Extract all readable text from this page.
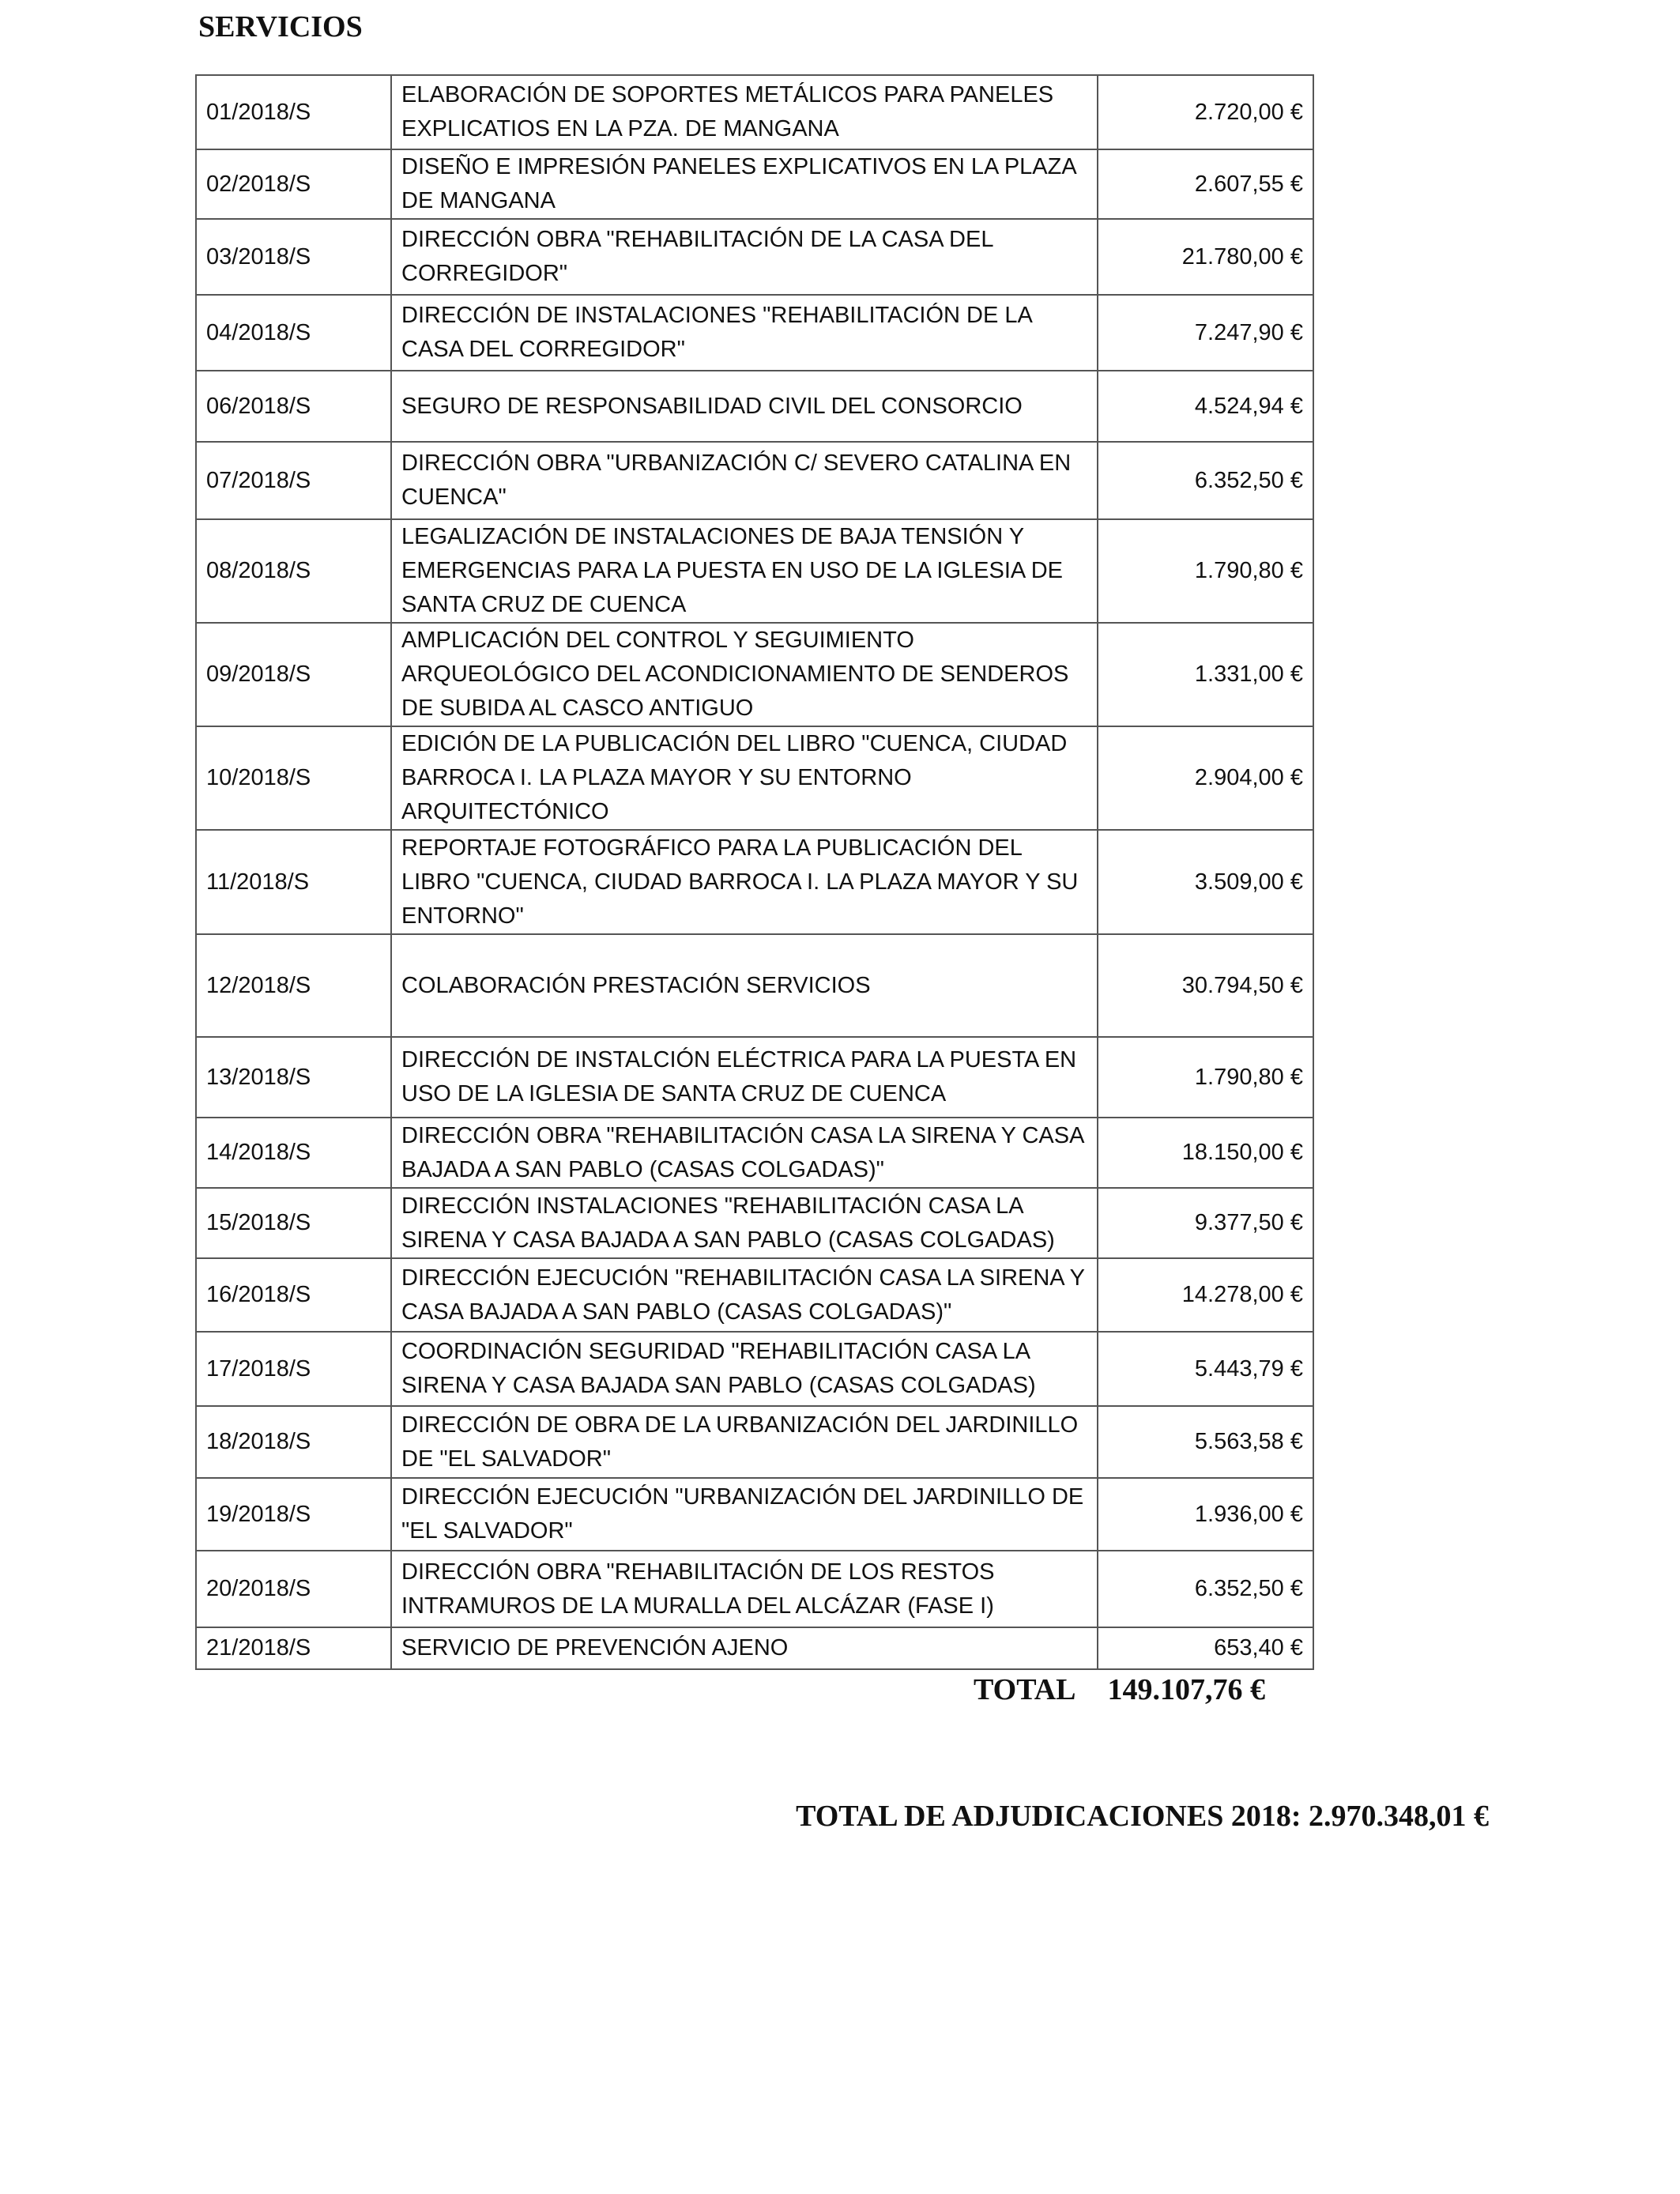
SERVICIOS
01/2018/S	ELABORACIÓN DE SOPORTES METÁLICOS PARA PANELES EXPLICATIOS EN LA PZA. DE MANGANA	2.720,00 €
02/2018/S	DISEÑO E IMPRESIÓN PANELES EXPLICATIVOS EN LA PLAZA DE MANGANA	2.607,55 €
03/2018/S	DIRECCIÓN OBRA "REHABILITACIÓN DE LA CASA DEL CORREGIDOR"	21.780,00 €
04/2018/S	DIRECCIÓN DE INSTALACIONES "REHABILITACIÓN DE LA CASA DEL CORREGIDOR"	7.247,90 €
06/2018/S	SEGURO DE RESPONSABILIDAD CIVIL DEL CONSORCIO	4.524,94 €
07/2018/S	DIRECCIÓN OBRA "URBANIZACIÓN C/ SEVERO CATALINA EN CUENCA"	6.352,50 €
08/2018/S	LEGALIZACIÓN DE INSTALACIONES DE BAJA TENSIÓN Y EMERGENCIAS PARA LA PUESTA EN USO DE LA IGLESIA DE SANTA CRUZ DE CUENCA	1.790,80 €
09/2018/S	AMPLICACIÓN DEL CONTROL Y SEGUIMIENTO ARQUEOLÓGICO DEL ACONDICIONAMIENTO DE SENDEROS DE SUBIDA AL CASCO ANTIGUO	1.331,00 €
10/2018/S	EDICIÓN DE LA PUBLICACIÓN DEL LIBRO "CUENCA, CIUDAD BARROCA I. LA PLAZA MAYOR Y SU ENTORNO ARQUITECTÓNICO	2.904,00 €
11/2018/S	REPORTAJE FOTOGRÁFICO PARA LA PUBLICACIÓN DEL LIBRO "CUENCA, CIUDAD BARROCA I. LA PLAZA MAYOR Y SU ENTORNO"	3.509,00 €
12/2018/S	COLABORACIÓN PRESTACIÓN SERVICIOS	30.794,50 €
13/2018/S	DIRECCIÓN DE INSTALCIÓN ELÉCTRICA PARA LA PUESTA EN USO DE LA IGLESIA DE SANTA CRUZ DE CUENCA	1.790,80 €
14/2018/S	DIRECCIÓN OBRA "REHABILITACIÓN CASA LA SIRENA Y CASA BAJADA A SAN PABLO (CASAS COLGADAS)"	18.150,00 €
15/2018/S	DIRECCIÓN INSTALACIONES "REHABILITACIÓN CASA LA SIRENA Y CASA BAJADA A SAN PABLO (CASAS COLGADAS)	9.377,50 €
16/2018/S	DIRECCIÓN EJECUCIÓN "REHABILITACIÓN CASA LA SIRENA Y CASA BAJADA A SAN PABLO (CASAS COLGADAS)"	14.278,00 €
17/2018/S	COORDINACIÓN SEGURIDAD "REHABILITACIÓN CASA LA SIRENA Y CASA BAJADA SAN PABLO (CASAS COLGADAS)	5.443,79 €
18/2018/S	DIRECCIÓN DE OBRA DE LA URBANIZACIÓN DEL JARDINILLO DE "EL SALVADOR"	5.563,58 €
19/2018/S	DIRECCIÓN EJECUCIÓN "URBANIZACIÓN DEL JARDINILLO DE "EL SALVADOR"	1.936,00 €
20/2018/S	DIRECCIÓN OBRA "REHABILITACIÓN DE LOS RESTOS INTRAMUROS DE LA MURALLA DEL ALCÁZAR (FASE I)	6.352,50 €
21/2018/S	SERVICIO DE PREVENCIÓN AJENO	653,40 €
TOTAL 149.107,76 €
TOTAL DE ADJUDICACIONES 2018: 2.970.348,01 €
